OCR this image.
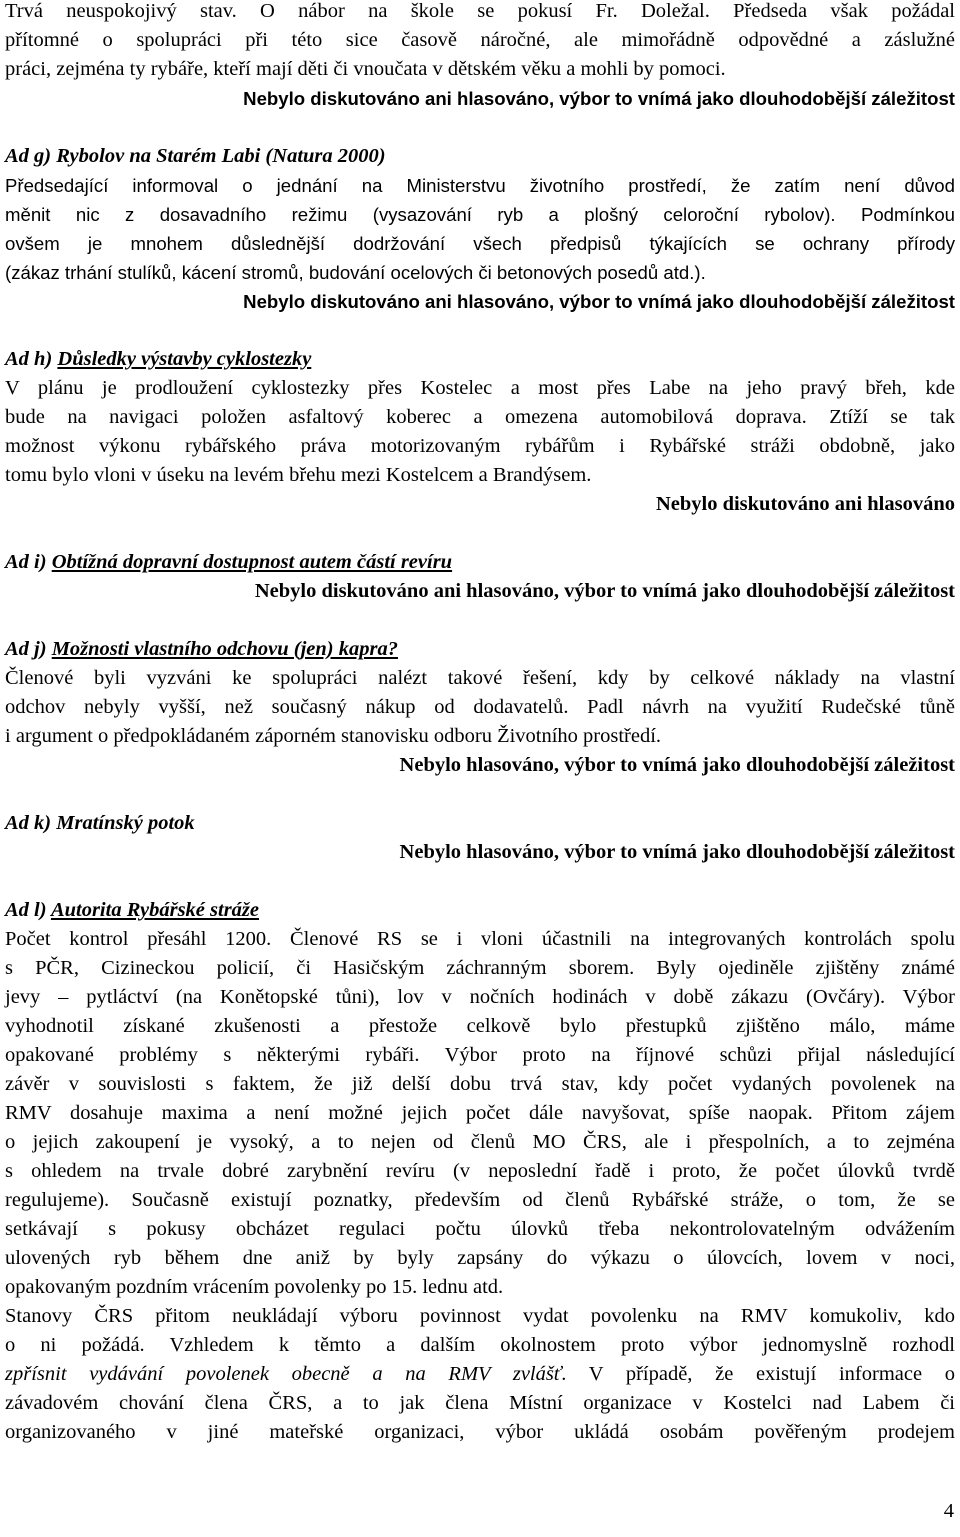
Trvá neuspokojivý stav. O nábor na škole se pokusí Fr. Doležal. Předseda však požádal
přítomné o spolupráci při této sice časově náročné, ale mimořádně odpovědné a záslužné
práci, zejména ty rybáře, kteří mají děti či vnoučata v dětském věku a mohli by pomoci.
Nebylo diskutováno ani hlasováno, výbor to vnímá jako dlouhodobější záležitost
Ad g) Rybolov na Starém Labi (Natura 2000)
Předsedající informoval o jednání na Ministerstvu životního prostředí, že zatím není důvod
měnit nic z dosavadního režimu (vysazování ryb a plošný celoroční rybolov). Podmínkou
ovšem je mnohem důslednější dodržování všech předpisů týkajících se ochrany přírody
(zákaz trhání stulíků, kácení stromů, budování ocelových či betonových posedů atd.).
Nebylo diskutováno ani hlasováno, výbor to vnímá jako dlouhodobější záležitost
Ad h) Důsledky výstavby cyklostezky
V plánu je prodloužení cyklostezky přes Kostelec a most přes Labe na jeho pravý břeh, kde
bude na navigaci položen asfaltový koberec a omezena automobilová doprava. Ztíží se tak
možnost výkonu rybářského práva motorizovaným rybářům i Rybářské stráži obdobně, jako
tomu bylo vloni v úseku na levém břehu mezi Kostelcem a Brandýsem.
Nebylo diskutováno ani hlasováno
Ad i) Obtížná dopravní dostupnost autem částí revíru
Nebylo diskutováno ani hlasováno, výbor to vnímá jako dlouhodobější záležitost
Ad j) Možnosti vlastního odchovu (jen) kapra?
Členové byli vyzváni ke spolupráci nalézt takové řešení, kdy by celkové náklady na vlastní
odchov nebyly vyšší, než současný nákup od dodavatelů. Padl návrh na využití Rudečské tůně
i argument o předpokládaném záporném stanovisku odboru Životního prostředí.
Nebylo hlasováno, výbor to vnímá jako dlouhodobější záležitost
Ad k) Mratínský potok
Nebylo hlasováno, výbor to vnímá jako dlouhodobější záležitost
Ad l) Autorita Rybářské stráže
Počet kontrol přesáhl 1200. Členové RS se i vloni účastnili na integrovaných kontrolách spolu
s PČR, Cizineckou policií, či Hasičským záchranným sborem. Byly ojediněle zjištěny známé
jevy – pytláctví (na Konětopské tůni), lov v nočních hodinách v době zákazu (Ovčáry). Výbor
vyhodnotil získané zkušenosti a přestože celkově bylo přestupků zjištěno málo, máme
opakované problémy s některými rybáři. Výbor proto na říjnové schůzi přijal následující
závěr v souvislosti s faktem, že již delší dobu trvá stav, kdy počet vydaných povolenek na
RMV dosahuje maxima a není možné jejich počet dále navyšovat, spíše naopak. Přitom zájem
o jejich zakoupení je vysoký, a to nejen od členů MO ČRS, ale i přespolních, a to zejména
s ohledem na trvale dobré zarybnění revíru (v neposlední řadě i proto, že počet úlovků tvrdě
regulujeme). Současně existují poznatky, především od členů Rybářské stráže, o tom, že se
setkávají s pokusy obcházet regulaci počtu úlovků třeba nekontrolovatelným odvážením
ulovených ryb během dne aniž by byly zapsány do výkazu o úlovcích, lovem v noci,
opakovaným pozdním vrácením povolenky po 15. lednu atd.
Stanovy ČRS přitom neukládají výboru povinnost vydat povolenku na RMV komukoliv, kdo
o ni požádá. Vzhledem k těmto a dalším okolnostem proto výbor jednomyslně rozhodl
zpřísnit vydávání povolenek obecně a na RMV zvlášť. V případě, že existují informace o
závadovém chování člena ČRS, a to jak člena Místní organizace v Kostelci nad Labem či
organizovaného v jiné mateřské organizaci, výbor ukládá osobám pověřeným prodejem
4
